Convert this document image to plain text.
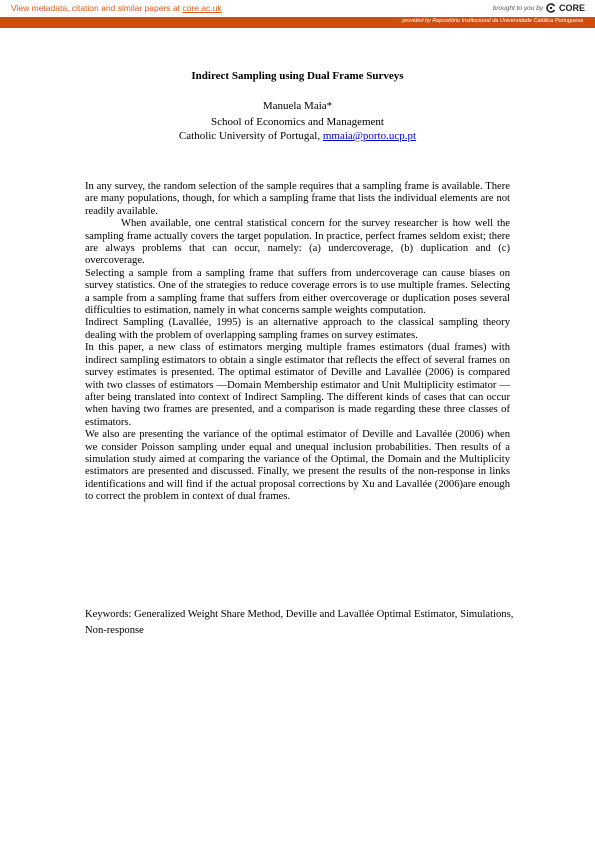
View metadata, citation and similar papers at core.ac.uk	brought to you by CORE
provided by Repositório Institucional da Universidade Católica Portuguesa
Indirect Sampling using Dual Frame Surveys
Manuela Maia*
School of Economics and Management
Catholic University of Portugal, mmaia@porto.ucp.pt

In any survey, the random selection of the sample requires that a sampling frame is available. There are many populations, though, for which a sampling frame that lists the individual elements are not readily available.

When available, one central statistical concern for the survey researcher is how well the sampling frame actually covers the target population. In practice, perfect frames seldom exist; there are always problems that can occur, namely: (a) undercoverage, (b) duplication and (c) overcoverage.

Selecting a sample from a sampling frame that suffers from undercoverage can cause biases on survey statistics. One of the strategies to reduce coverage errors is to use multiple frames. Selecting a sample from a sampling frame that suffers from either overcoverage or duplication poses several difficulties to estimation, namely in what concerns sample weights computation.

Indirect Sampling (Lavallée, 1995) is an alternative approach to the classical sampling theory dealing with the problem of overlapping sampling frames on survey estimates.

In this paper, a new class of estimators merging multiple frames estimators (dual frames) with indirect sampling estimators to obtain a single estimator that reflects the effect of several frames on survey estimates is presented. The optimal estimator of Deville and Lavallée (2006) is compared with two classes of estimators —Domain Membership estimator and Unit Multiplicity estimator — after being translated into context of Indirect Sampling. The different kinds of cases that can occur when having two frames are presented, and a comparison is made regarding these three classes of estimators.

We also are presenting the variance of the optimal estimator of Deville and Lavallée (2006) when we consider Poisson sampling under equal and unequal inclusion probabilities. Then results of a simulation study aimed at comparing the variance of the Optimal, the Domain and the Multiplicity estimators are presented and discussed. Finally, we present the results of the non-response in links identifications and will find if the actual proposal corrections by Xu and Lavallée (2006)are enough to correct the problem in context of dual frames.

Keywords: Generalized Weight Share Method, Deville and Lavallée Optimal Estimator, Simulations, Non-response
